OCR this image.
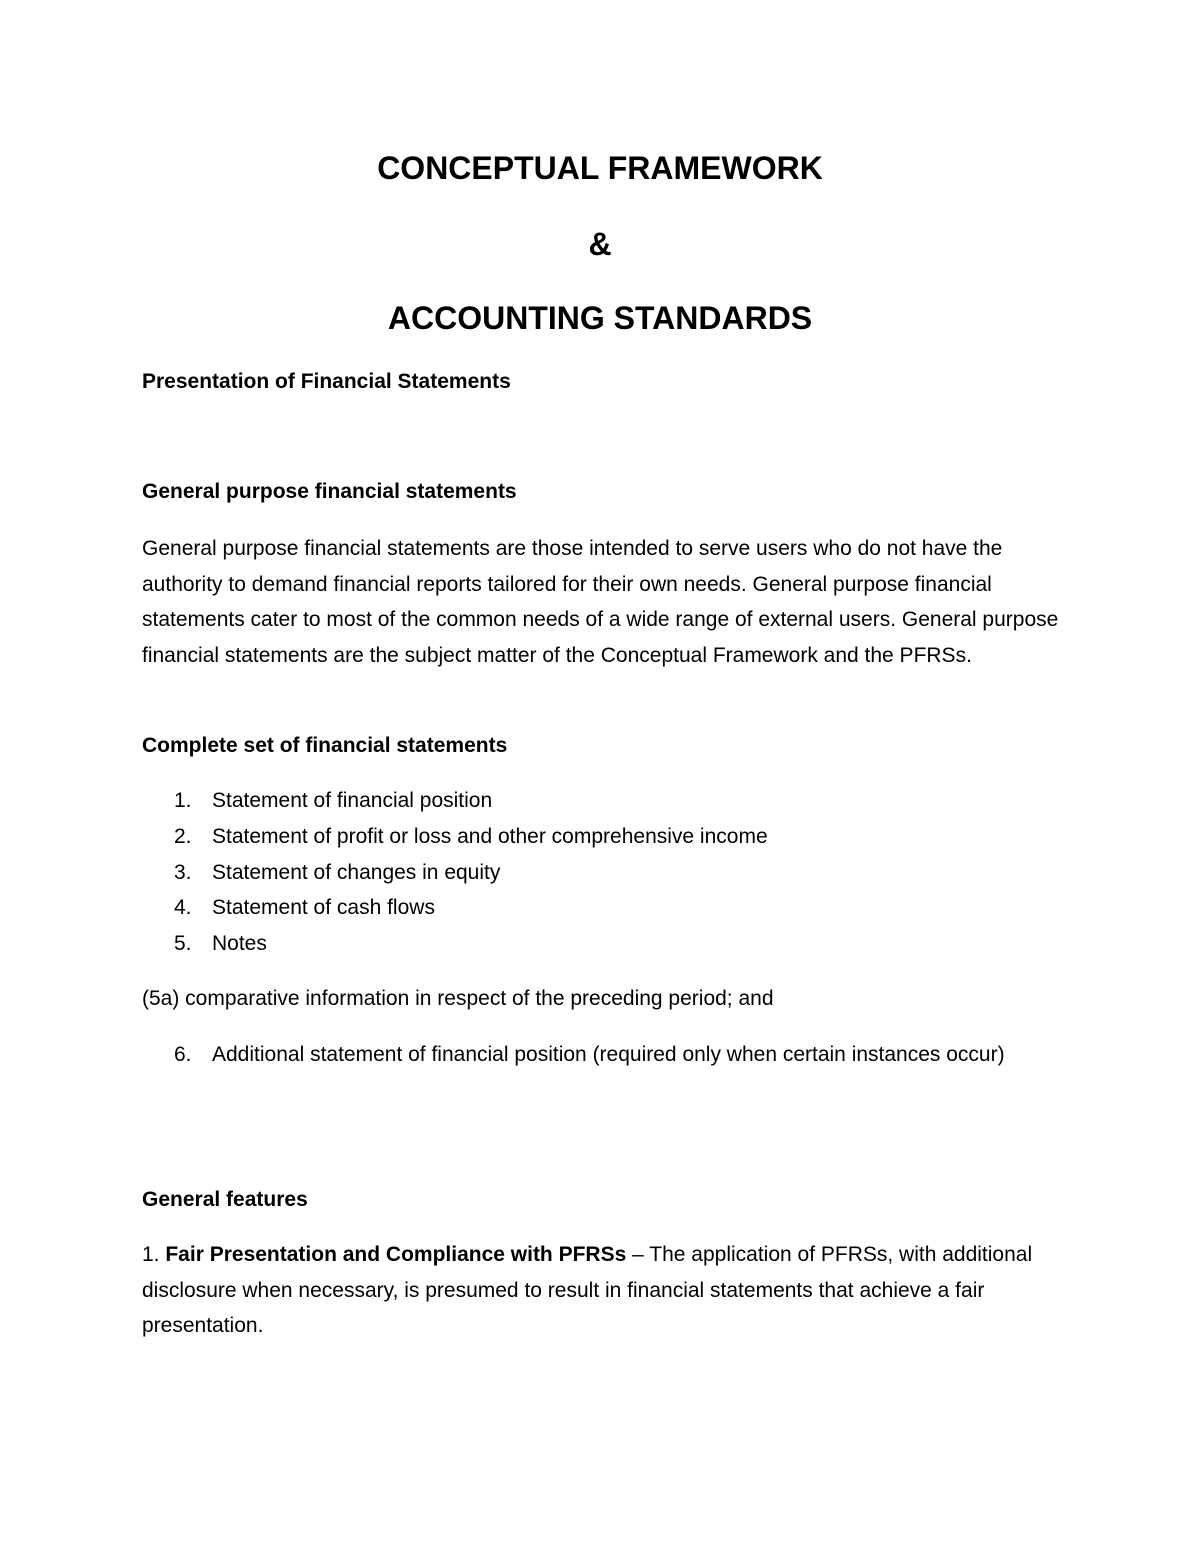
CONCEPTUAL FRAMEWORK
&
ACCOUNTING STANDARDS
Presentation of Financial Statements
General purpose financial statements
General purpose financial statements are those intended to serve users who do not have the authority to demand financial reports tailored for their own needs. General purpose financial statements cater to most of the common needs of a wide range of external users. General purpose financial statements are the subject matter of the Conceptual Framework and the PFRSs.
Complete set of financial statements
1. Statement of financial position
2. Statement of profit or loss and other comprehensive income
3. Statement of changes in equity
4. Statement of cash flows
5. Notes
(5a) comparative information in respect of the preceding period; and
6. Additional statement of financial position (required only when certain instances occur)
General features
1. Fair Presentation and Compliance with PFRSs – The application of PFRSs, with additional disclosure when necessary, is presumed to result in financial statements that achieve a fair presentation.
